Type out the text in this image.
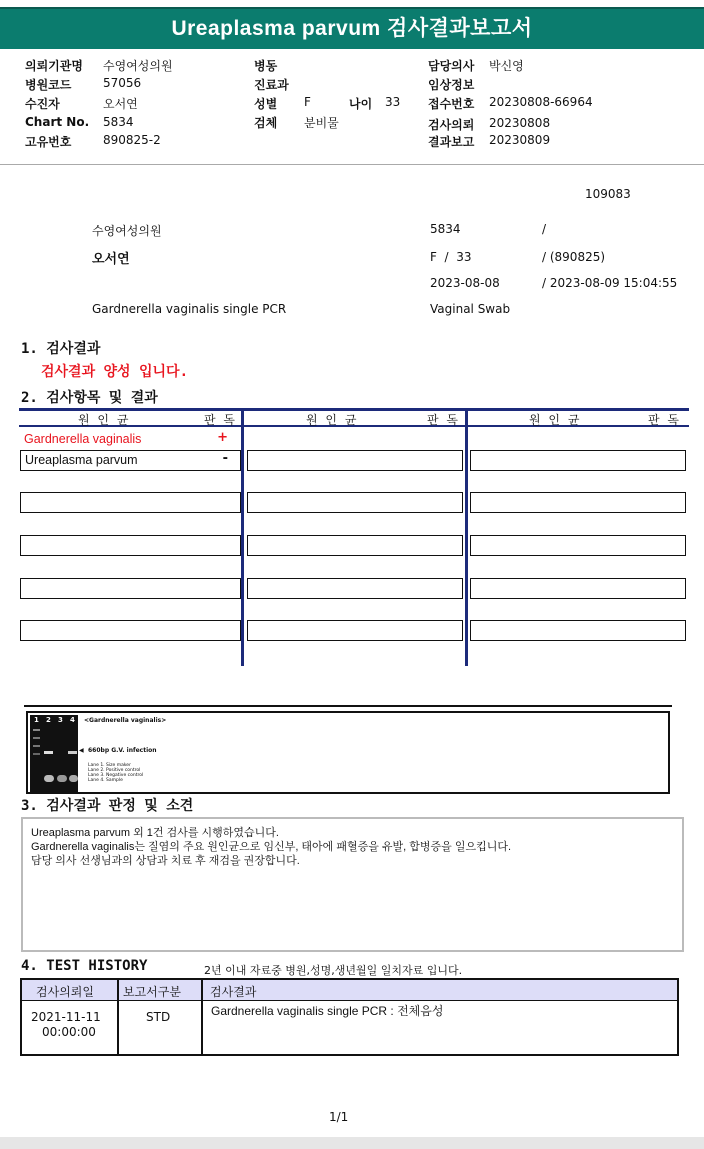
Ureaplasma parvum 검사결과보고서
의뢰기관명 수영여성의원
병원코드	57056
수진자	오서연
Chart No. 5834
고유번호	890825-2
병동
진료과
성별 F	나이 33
검체 분비물
담당의사 박신영
임상정보
접수번호 20230808-66964
검사의뢰 20230808
결과보고 20230809
109083
수영여성의원	5834	/
오서연	F  /  33	/ (890825)
2023-08-08	/ 2023-08-09 15:04:55
Gardnerella vaginalis single PCR	Vaginal Swab
1. 검사결과
검사결과 양성 입니다.
2. 검사항목 및 결과
원 인 균	판 독	원 인 균	판 독	원 인 균	판 독
Gardnerella vaginalis	+
Ureaplasma parvum	-
1 2 3 4 <Gardnerella vaginalis>
◀ 660bp G.V. infection
Lane 1. Size maker
Lane 2. Positive control
Lane 3. Negative control
Lane 4. Sample
3. 검사결과 판정 및 소견
Ureaplasma parvum 외 1건 검사를 시행하였습니다.
Gardnerella vaginalis는 질염의 주요 원인균으로 임신부, 태아에 패혈증을 유발, 합병증을 일으킵니다.
담당 의사 선생님과의 상담과 치료 후 재검을 권장합니다.
4. TEST HISTORY	2년 이내 자료중 병원,성명,생년월일 일치자료 입니다.
검사의뢰일 보고서구분 검사결과
2021-11-11
00:00:00
STD	Gardnerella vaginalis single PCR : 전체음성
1/1
